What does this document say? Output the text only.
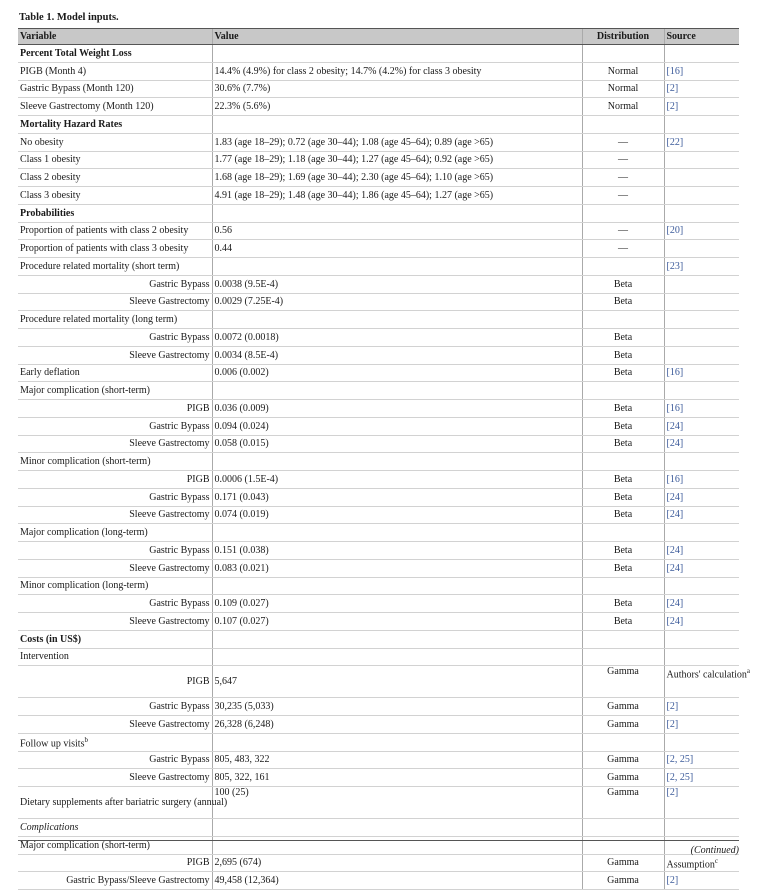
Table 1. Model inputs.
Variable	Value	Distribution	Source
Percent Total Weight Loss			
PIGB (Month 4)	14.4% (4.9%) for class 2 obesity; 14.7% (4.2%) for class 3 obesity	Normal	[16]
Gastric Bypass (Month 120)	30.6% (7.7%)	Normal	[2]
Sleeve Gastrectomy (Month 120)	22.3% (5.6%)	Normal	[2]
Mortality Hazard Rates			
No obesity	1.83 (age 18–29); 0.72 (age 30–44); 1.08 (age 45–64); 0.89 (age >65)	—	[22]
Class 1 obesity	1.77 (age 18–29); 1.18 (age 30–44); 1.27 (age 45–64); 0.92 (age >65)	—	
Class 2 obesity	1.68 (age 18–29); 1.69 (age 30–44); 2.30 (age 45–64); 1.10 (age >65)	—	
Class 3 obesity	4.91 (age 18–29); 1.48 (age 30–44); 1.86 (age 45–64); 1.27 (age >65)	—	
Probabilities			
Proportion of patients with class 2 obesity	0.56	—	[20]
Proportion of patients with class 3 obesity	0.44	—	
Procedure related mortality (short term)			[23]
Gastric Bypass	0.0038 (9.5E-4)	Beta	
Sleeve Gastrectomy	0.0029 (7.25E-4)	Beta	
Procedure related mortality (long term)			
Gastric Bypass	0.0072 (0.0018)	Beta	
Sleeve Gastrectomy	0.0034 (8.5E-4)	Beta	
Early deflation	0.006 (0.002)	Beta	[16]
Major complication (short-term)			
PIGB	0.036 (0.009)	Beta	[16]
Gastric Bypass	0.094 (0.024)	Beta	[24]
Sleeve Gastrectomy	0.058 (0.015)	Beta	[24]
Minor complication (short-term)			
PIGB	0.0006 (1.5E-4)	Beta	[16]
Gastric Bypass	0.171 (0.043)	Beta	[24]
Sleeve Gastrectomy	0.074 (0.019)	Beta	[24]
Major complication (long-term)			
Gastric Bypass	0.151 (0.038)	Beta	[24]
Sleeve Gastrectomy	0.083 (0.021)	Beta	[24]
Minor complication (long-term)			
Gastric Bypass	0.109 (0.027)	Beta	[24]
Sleeve Gastrectomy	0.107 (0.027)	Beta	[24]
Costs (in US$)			
Intervention			
PIGB	5,647	Gamma	Authors' calculation$^a$
Gastric Bypass	30,235 (5,033)	Gamma	[2]
Sleeve Gastrectomy	26,328 (6,248)	Gamma	[2]
Follow up visits$^b$			
Gastric Bypass	805, 483, 322	Gamma	[2, 25]
Sleeve Gastrectomy	805, 322, 161	Gamma	[2, 25]
Dietary supplements after bariatric surgery (annual)	100 (25)	Gamma	[2]
Complications			
Major complication (short-term)			
PIGB	2,695 (674)	Gamma	Assumption$^c$
Gastric Bypass/Sleeve Gastrectomy	49,458 (12,364)	Gamma	[2]
(Continued)
